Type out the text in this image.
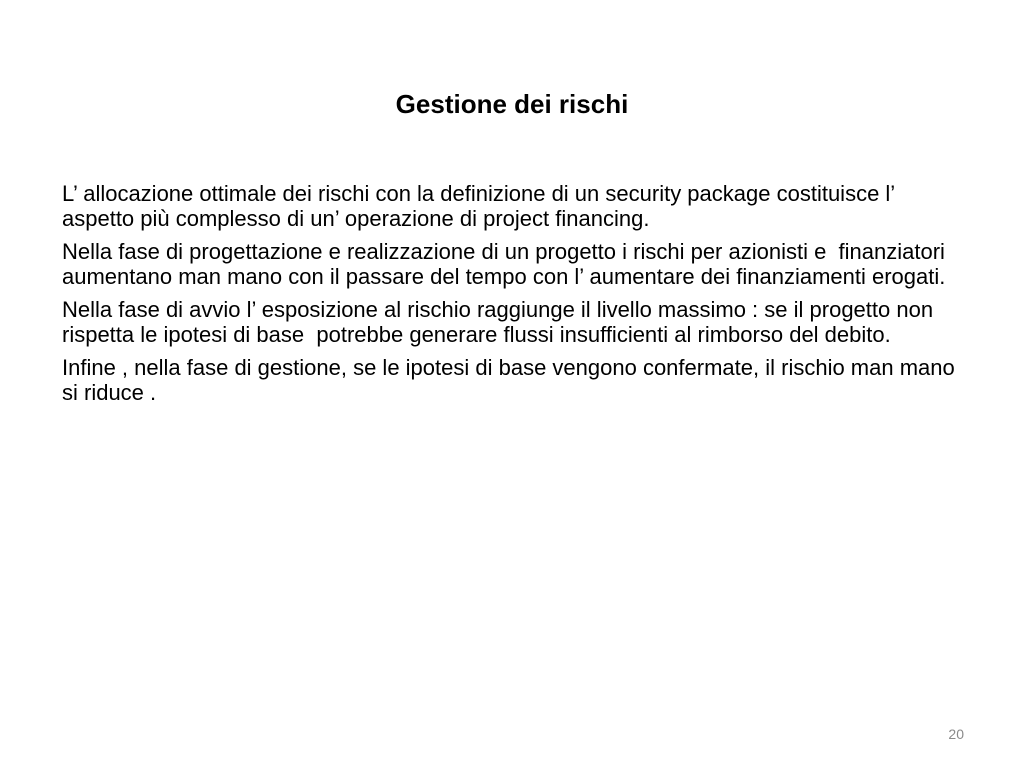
Gestione dei rischi

L’ allocazione ottimale dei rischi con la definizione di un security package costituisce l’ aspetto più complesso di un’ operazione di project financing.

Nella fase di progettazione e realizzazione di un progetto i rischi per azionisti e  finanziatori aumentano man mano con il passare del tempo con l’ aumentare dei finanziamenti erogati.

Nella fase di avvio l’ esposizione al rischio raggiunge il livello massimo : se il progetto non rispetta le ipotesi di base  potrebbe generare flussi insufficienti al rimborso del debito.

Infine , nella fase di gestione, se le ipotesi di base vengono confermate, il rischio man mano si riduce .

20
